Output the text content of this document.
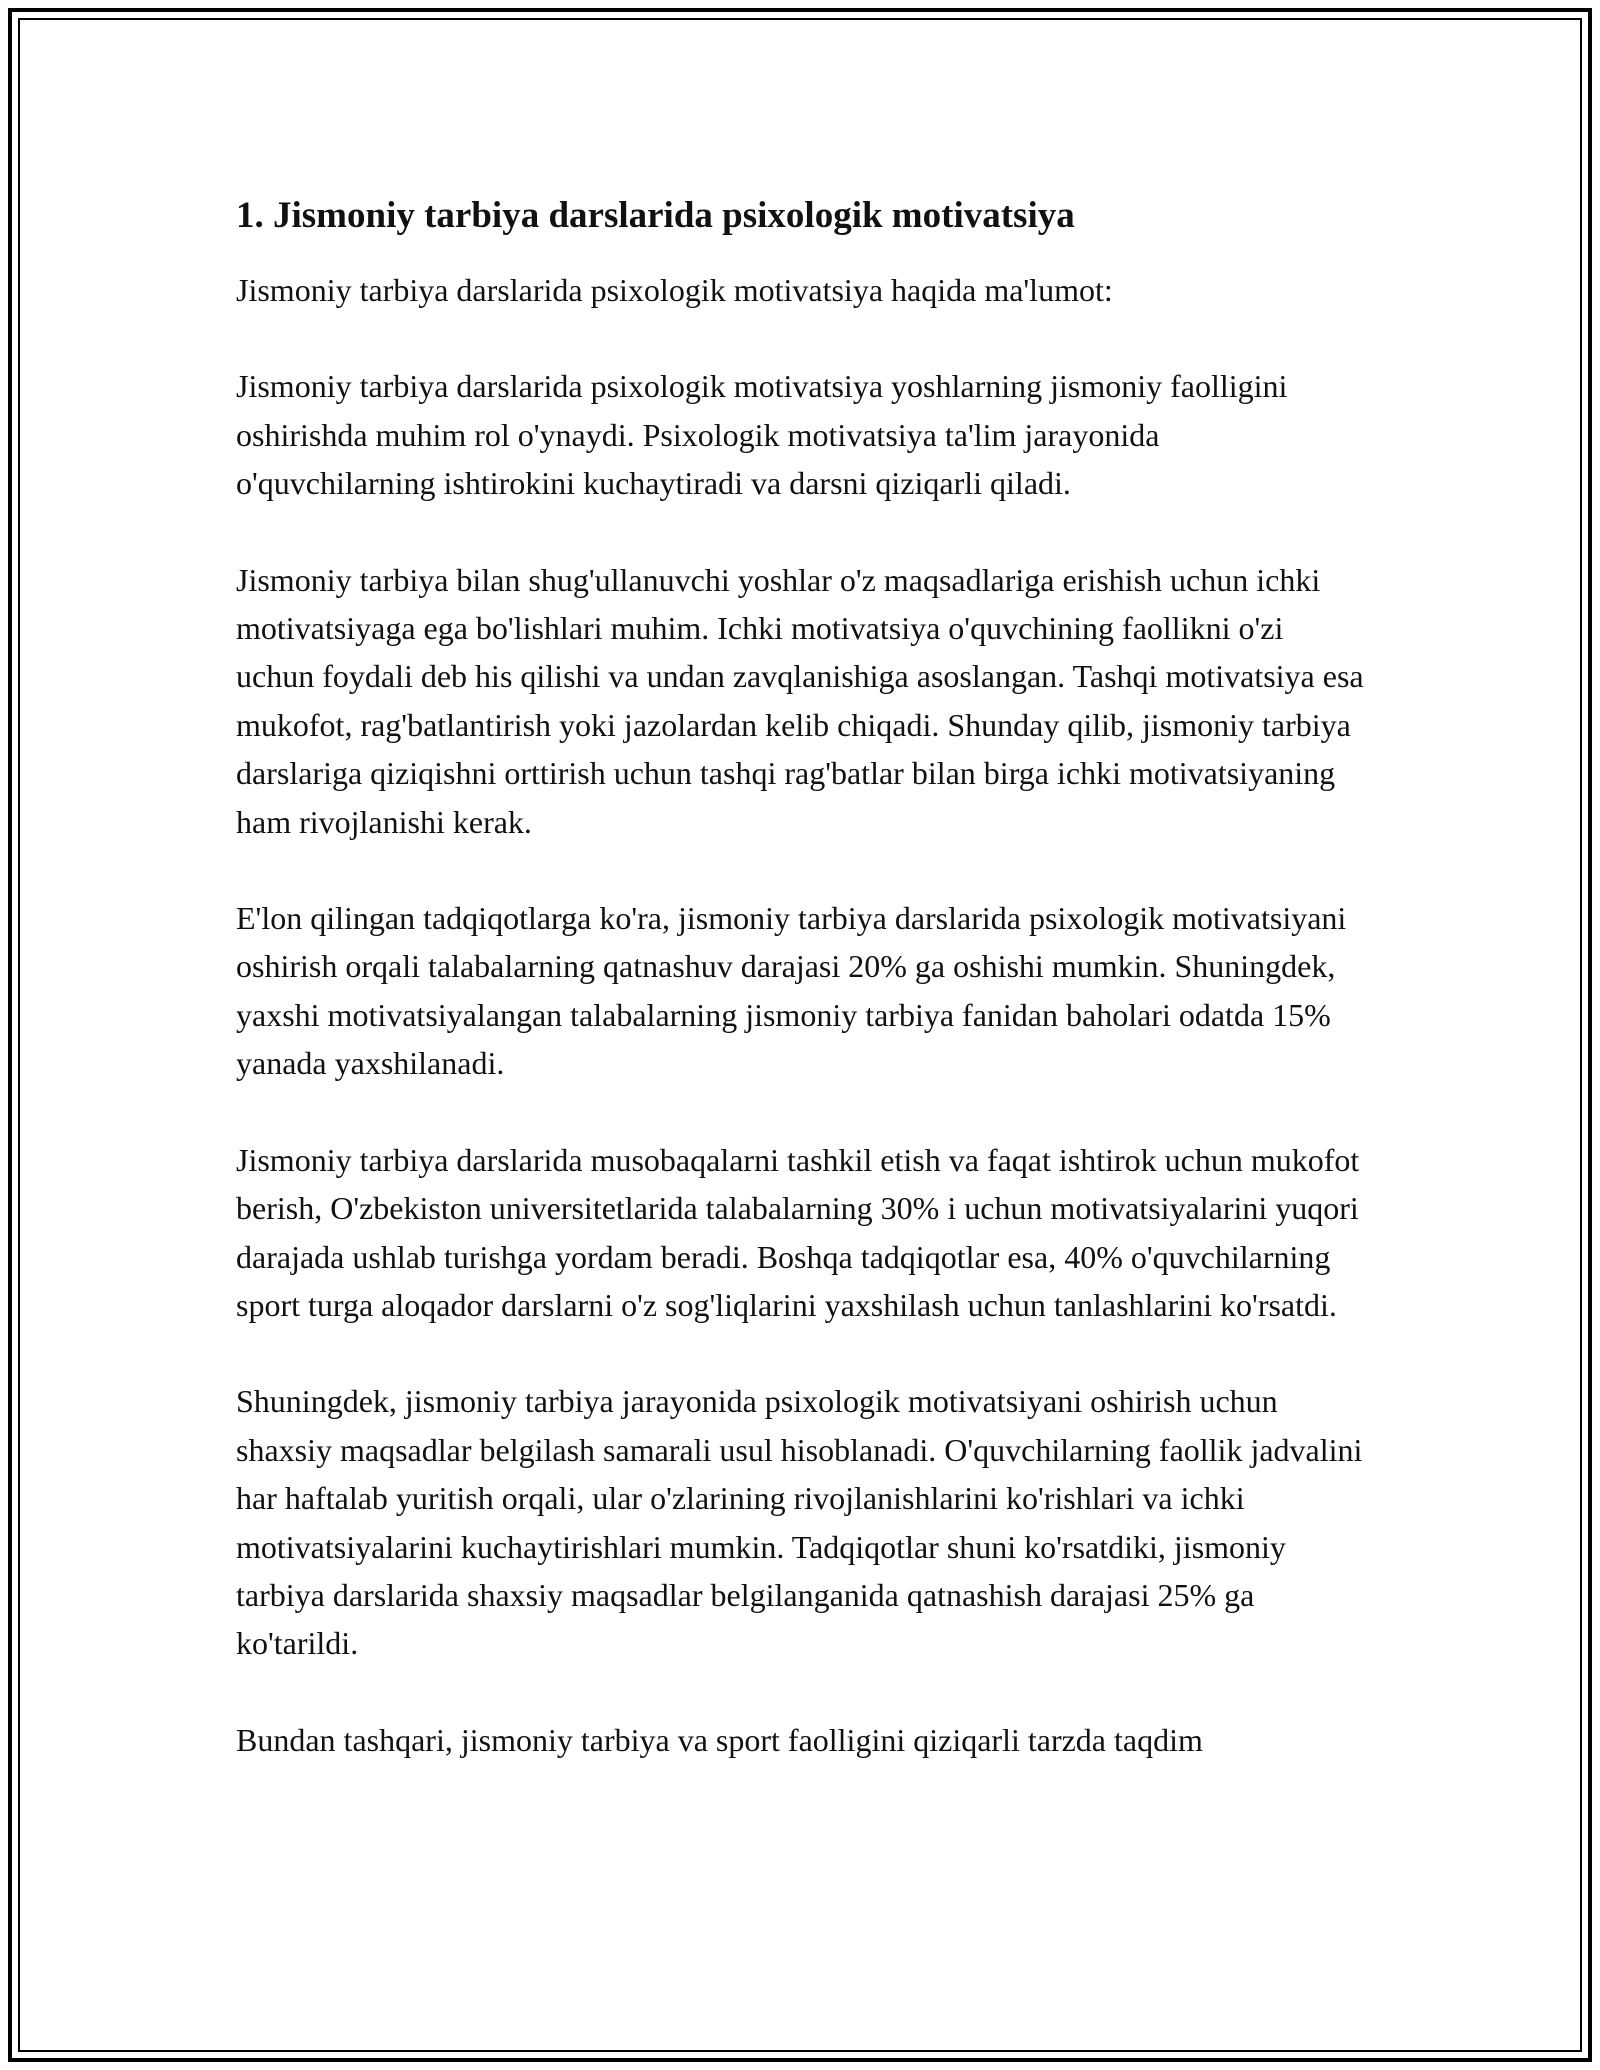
1. Jismoniy tarbiya darslarida psixologik motivatsiya

Jismoniy tarbiya darslarida psixologik motivatsiya haqida ma'lumot:

Jismoniy tarbiya darslarida psixologik motivatsiya yoshlarning jismoniy faolligini oshirishda muhim rol o'ynaydi. Psixologik motivatsiya ta'lim jarayonida o'quvchilarning ishtirokini kuchaytiradi va darsni qiziqarli qiladi.

Jismoniy tarbiya bilan shug'ullanuvchi yoshlar o'z maqsadlariga erishish uchun ichki motivatsiyaga ega bo'lishlari muhim. Ichki motivatsiya o'quvchining faollikni o'zi uchun foydali deb his qilishi va undan zavqlanishiga asoslangan. Tashqi motivatsiya esa mukofot, rag'batlantirish yoki jazolardan kelib chiqadi. Shunday qilib, jismoniy tarbiya darslariga qiziqishni orttirish uchun tashqi rag'batlar bilan birga ichki motivatsiyaning ham rivojlanishi kerak.

E'lon qilingan tadqiqotlarga ko'ra, jismoniy tarbiya darslarida psixologik motivatsiyani oshirish orqali talabalarning qatnashuv darajasi 20% ga oshishi mumkin. Shuningdek, yaxshi motivatsiyalangan talabalarning jismoniy tarbiya fanidan baholari odatda 15% yanada yaxshilanadi.

Jismoniy tarbiya darslarida musobaqalarni tashkil etish va faqat ishtirok uchun mukofot berish, O'zbekiston universitetlarida talabalarning 30% i uchun motivatsiyalarini yuqori darajada ushlab turishga yordam beradi. Boshqa tadqiqotlar esa, 40% o'quvchilarning sport turga aloqador darslarni o'z sog'liqlarini yaxshilash uchun tanlashlarini ko'rsatdi.

Shuningdek, jismoniy tarbiya jarayonida psixologik motivatsiyani oshirish uchun shaxsiy maqsadlar belgilash samarali usul hisoblanadi. O'quvchilarning faollik jadvalini har haftalab yuritish orqali, ular o'zlarining rivojlanishlarini ko'rishlari va ichki motivatsiyalarini kuchaytirishlari mumkin. Tadqiqotlar shuni ko'rsatdiki, jismoniy tarbiya darslarida shaxsiy maqsadlar belgilanganida qatnashish darajasi 25% ga ko'tarildi.

Bundan tashqari, jismoniy tarbiya va sport faolligini qiziqarli tarzda taqdim
